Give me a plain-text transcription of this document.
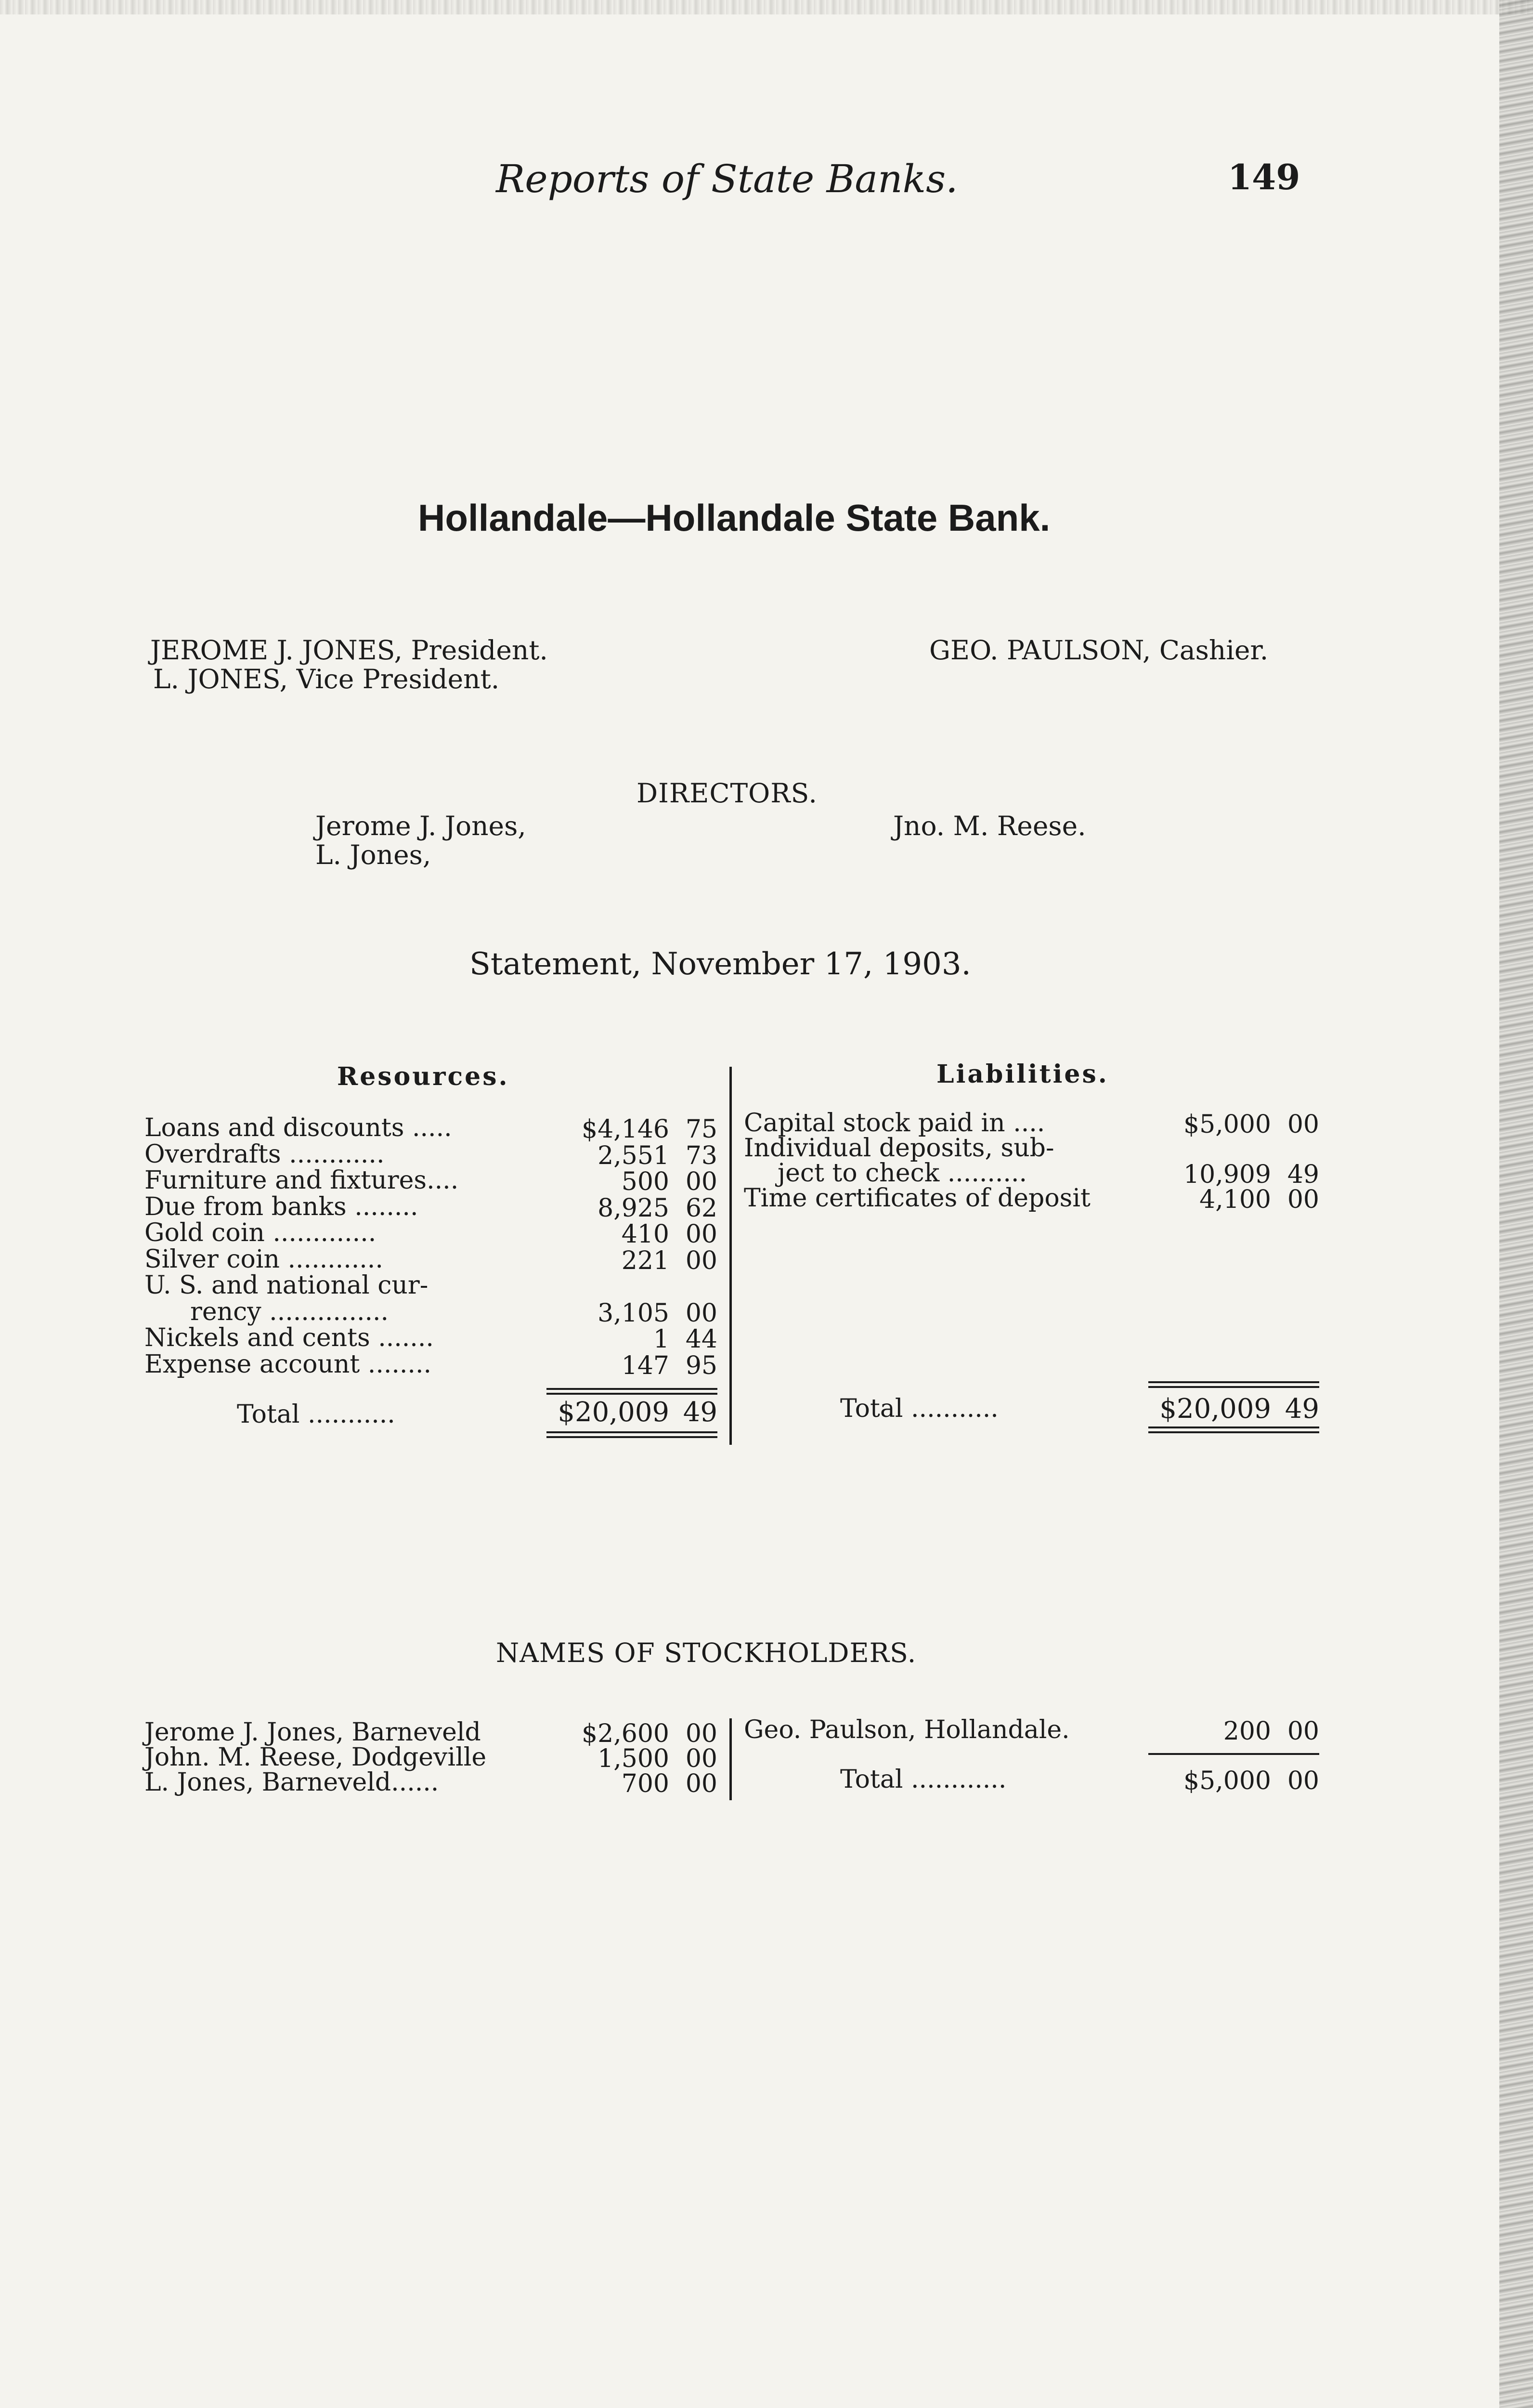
Reports of State Banks.	149
Hollandale—Hollandale State Bank.
JEROME J. JONES, President.
L. JONES, Vice President.
GEO. PAULSON, Cashier.
DIRECTORS.
Jerome J. Jones,
L. Jones,
Jno. M. Reese.
Statement, November 17, 1903.
Resources.	Liabilities.
Loans and discounts .....	$4,146 75
Overdrafts ............	2,551 73
Furniture and fixtures....	500 00
Due from banks ........	8,925 62
Gold coin .............	410 00
Silver coin ............	221 00
U. S. and national cur-
rency ...............	3,105 00
Nickels and cents .......	1 44
Expense account ........	147 95
Total ...........	$20,009 49
Capital stock paid in ....	$5,000 00
Individual deposits, sub-
ject to check ..........	10,909 49
Time certificates of deposit	4,100 00
Total ...........	$20,009 49
NAMES OF STOCKHOLDERS.
Jerome J. Jones, Barneveld	$2,600 00
John. M. Reese, Dodgeville	1,500 00
L. Jones, Barneveld......	700 00
Geo. Paulson, Hollandale.	200 00
Total ............	$5,000 00
